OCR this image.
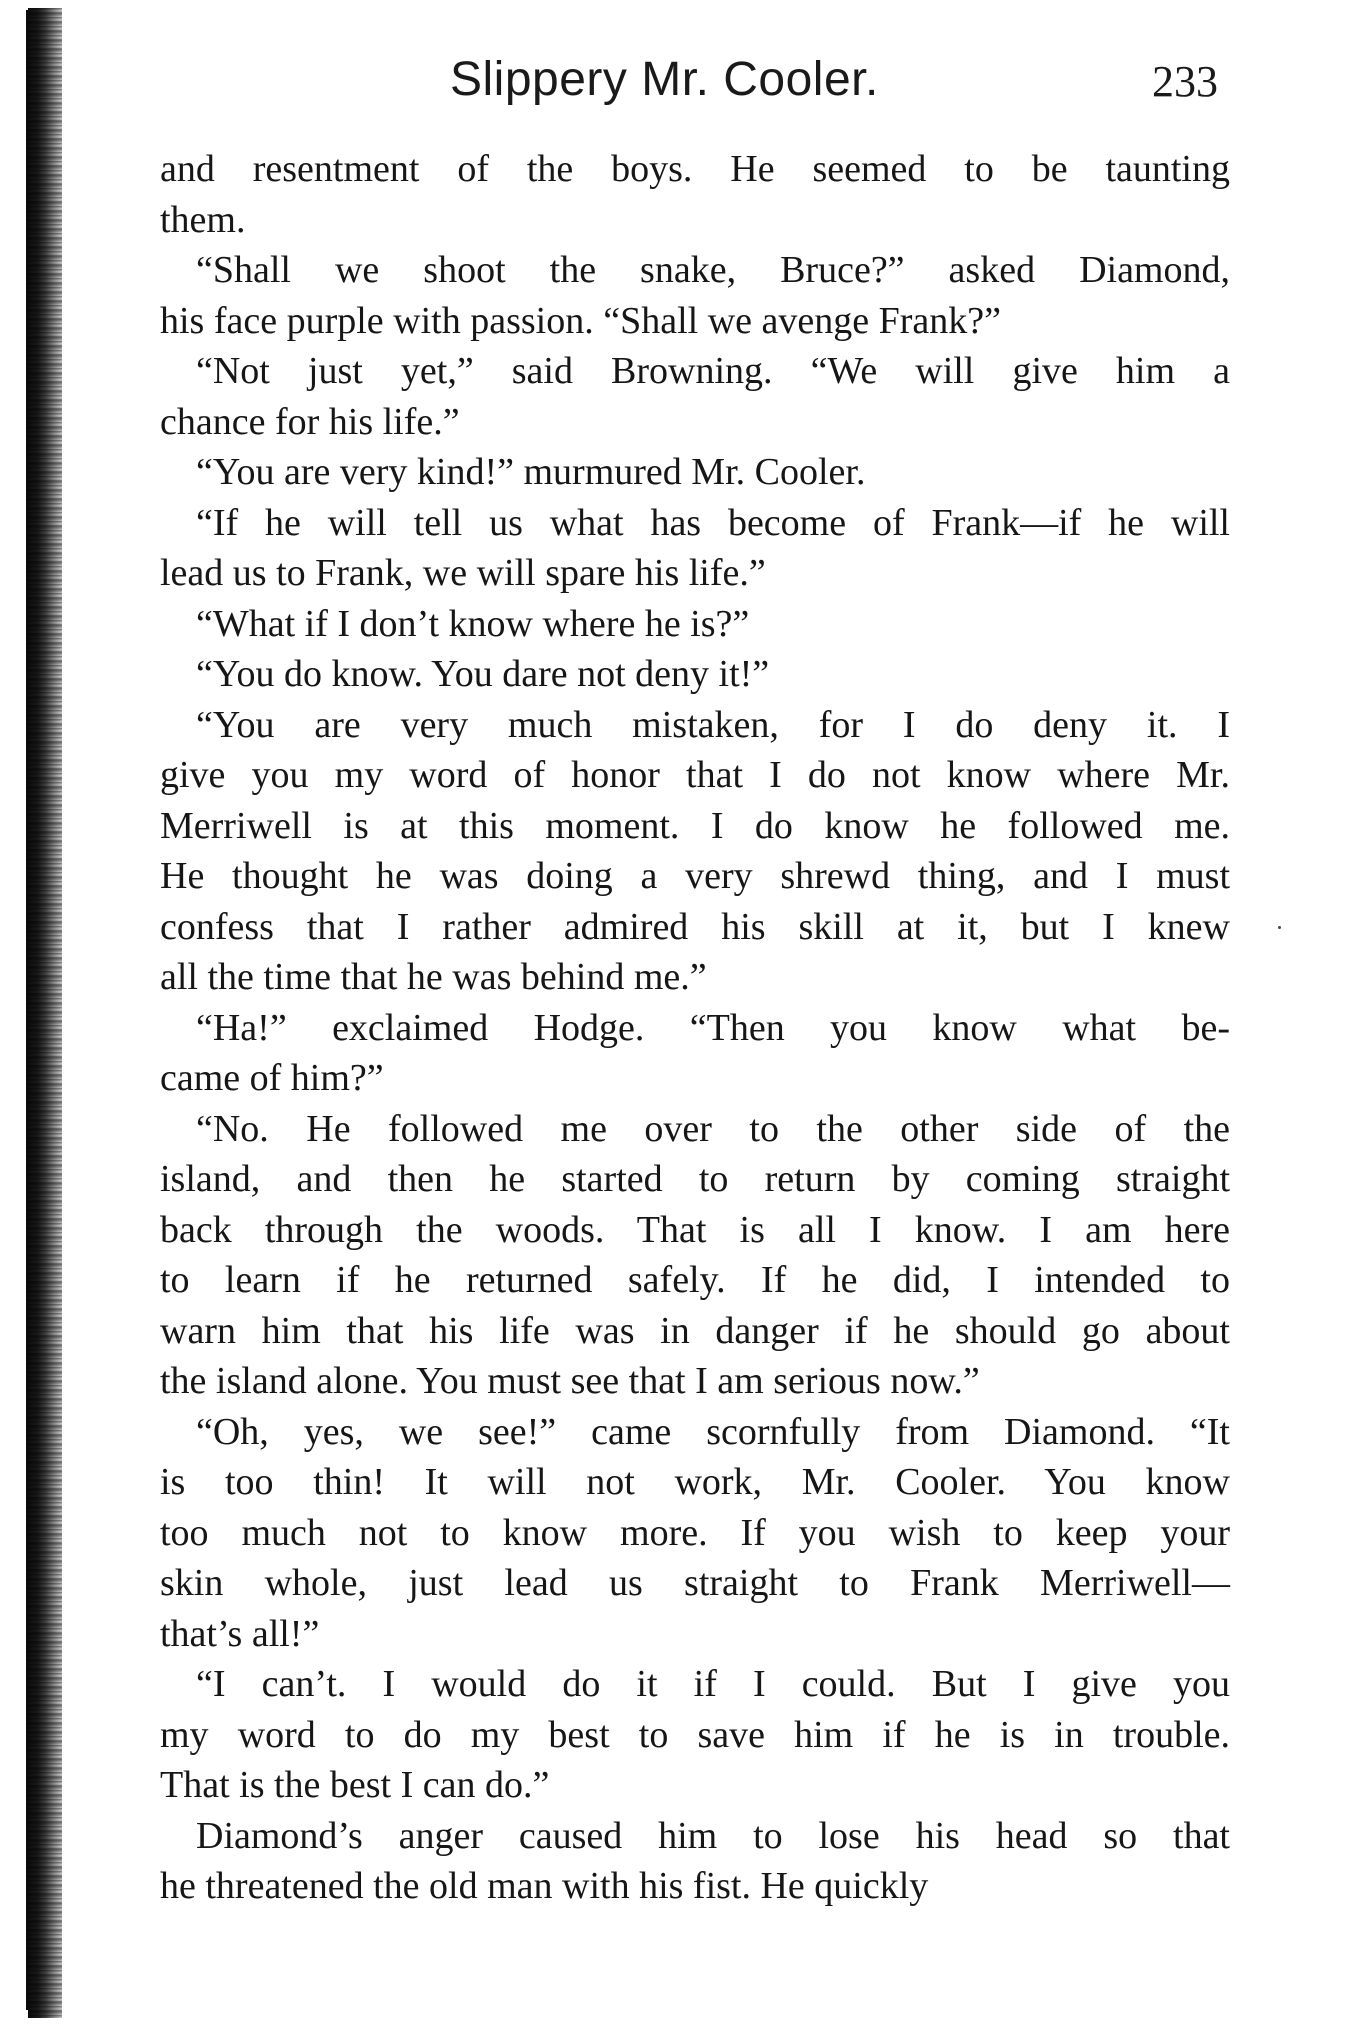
Slippery Mr. Cooler.	233
and resentment of the boys. He seemed to be taunting
them.
“Shall we shoot the snake, Bruce?” asked Diamond,
his face purple with passion. “Shall we avenge Frank?”
“Not just yet,” said Browning. “We will give him a
chance for his life.”
“You are very kind!” murmured Mr. Cooler.
“If he will tell us what has become of Frank—if he will
lead us to Frank, we will spare his life.”
“What if I don’t know where he is?”
“You do know. You dare not deny it!”
“You are very much mistaken, for I do deny it. I
give you my word of honor that I do not know where Mr.
Merriwell is at this moment. I do know he followed me.
He thought he was doing a very shrewd thing, and I must
confess that I rather admired his skill at it, but I knew
all the time that he was behind me.”
“Ha!” exclaimed Hodge. “Then you know what be-
came of him?”
“No. He followed me over to the other side of the
island, and then he started to return by coming straight
back through the woods. That is all I know. I am here
to learn if he returned safely. If he did, I intended to
warn him that his life was in danger if he should go about
the island alone. You must see that I am serious now.”
“Oh, yes, we see!” came scornfully from Diamond. “It
is too thin! It will not work, Mr. Cooler. You know
too much not to know more. If you wish to keep your
skin whole, just lead us straight to Frank Merriwell—
that’s all!”
“I can’t. I would do it if I could. But I give you
my word to do my best to save him if he is in trouble.
That is the best I can do.”
Diamond’s anger caused him to lose his head so that
he threatened the old man with his fist. He quickly
